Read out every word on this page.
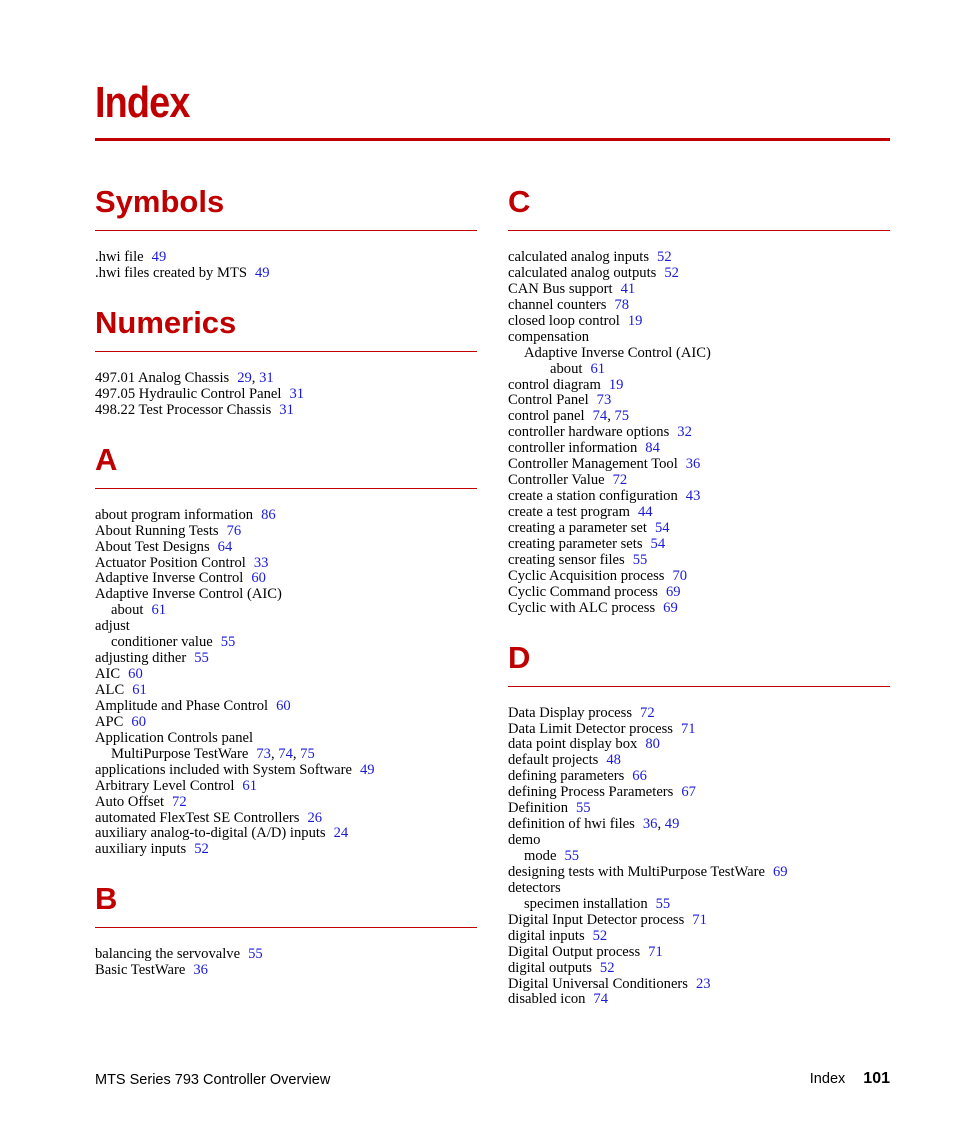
Index
Symbols
.hwi file 49
.hwi files created by MTS 49
Numerics
497.01 Analog Chassis 29, 31
497.05 Hydraulic Control Panel 31
498.22 Test Processor Chassis 31
A
about program information 86
About Running Tests 76
About Test Designs 64
Actuator Position Control 33
Adaptive Inverse Control 60
Adaptive Inverse Control (AIC)
about 61
adjust
conditioner value 55
adjusting dither 55
AIC 60
ALC 61
Amplitude and Phase Control 60
APC 60
Application Controls panel
MultiPurpose TestWare 73, 74, 75
applications included with System Software 49
Arbitrary Level Control 61
Auto Offset 72
automated FlexTest SE Controllers 26
auxiliary analog-to-digital (A/D) inputs 24
auxiliary inputs 52
B
balancing the servovalve 55
Basic TestWare 36
C
calculated analog inputs 52
calculated analog outputs 52
CAN Bus support 41
channel counters 78
closed loop control 19
compensation
Adaptive Inverse Control (AIC)
about 61
control diagram 19
Control Panel 73
control panel 74, 75
controller hardware options 32
controller information 84
Controller Management Tool 36
Controller Value 72
create a station configuration 43
create a test program 44
creating a parameter set 54
creating parameter sets 54
creating sensor files 55
Cyclic Acquisition process 70
Cyclic Command process 69
Cyclic with ALC process 69
D
Data Display process 72
Data Limit Detector process 71
data point display box 80
default projects 48
defining parameters 66
defining Process Parameters 67
Definition 55
definition of hwi files 36, 49
demo
mode 55
designing tests with MultiPurpose TestWare 69
detectors
specimen installation 55
Digital Input Detector process 71
digital inputs 52
Digital Output process 71
digital outputs 52
Digital Universal Conditioners 23
disabled icon 74
MTS Series 793 Controller Overview	Index 101
